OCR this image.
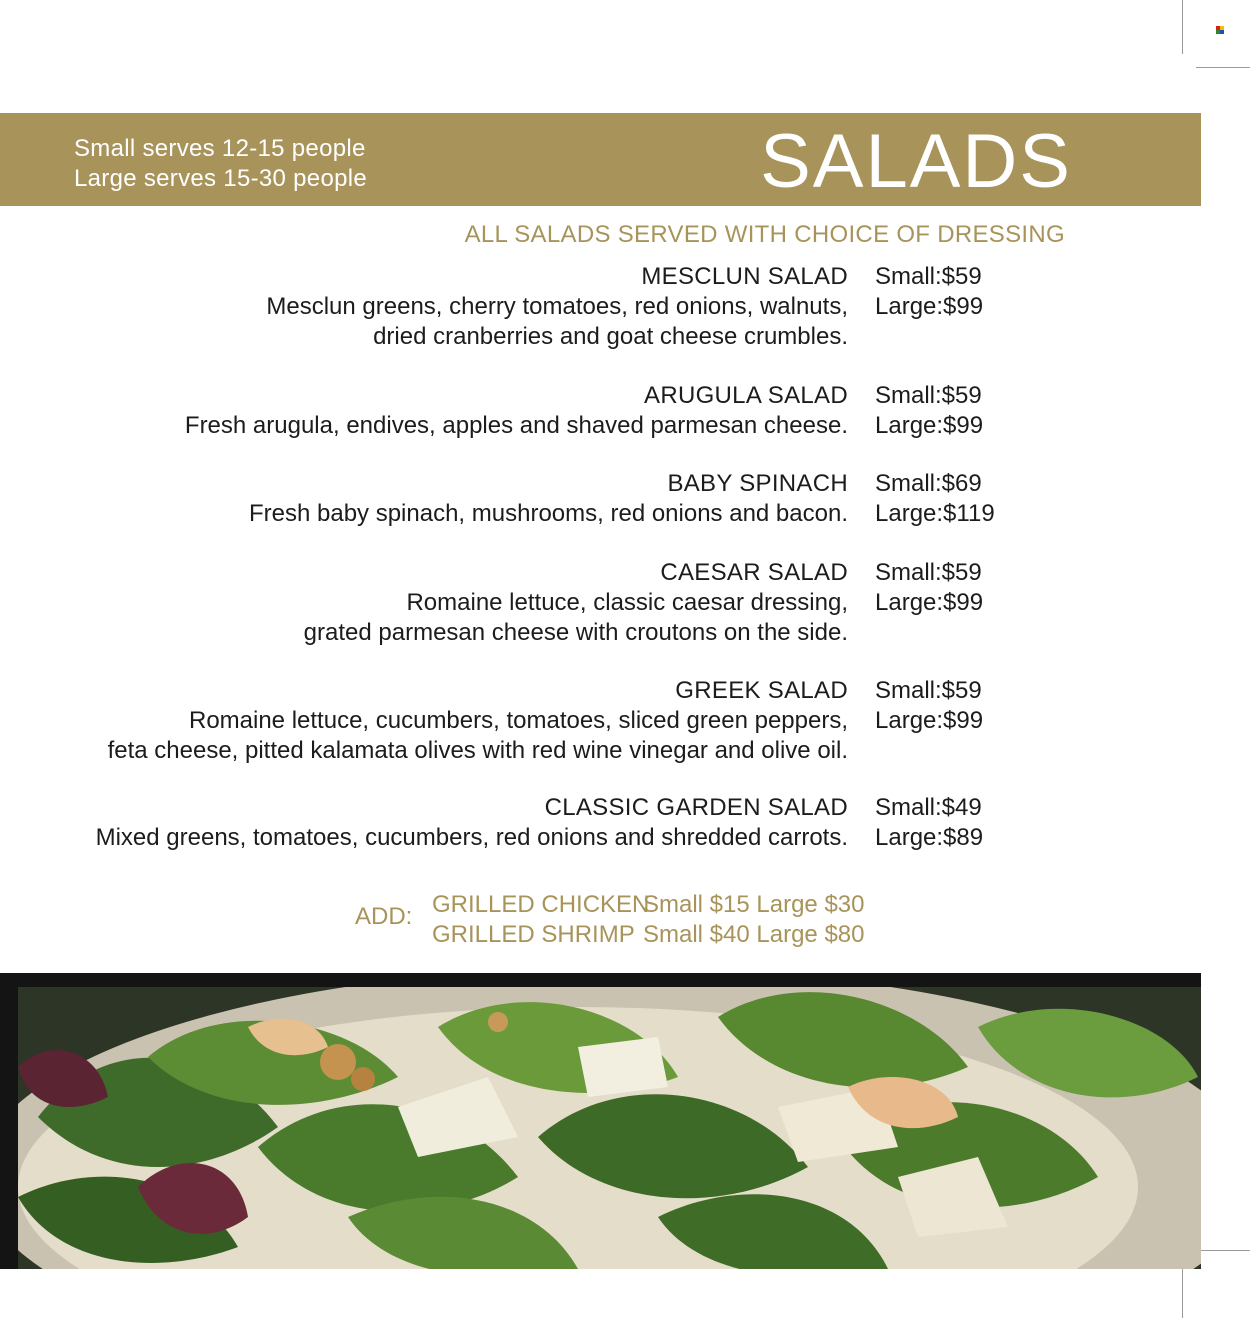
Small serves 12-15 people
Large serves 15-30 people	SALADS
ALL SALADS SERVED WITH CHOICE OF DRESSING
MESCLUN SALAD
Mesclun greens, cherry tomatoes, red onions, walnuts,
dried cranberries and goat cheese crumbles.
Small:$59
Large:$99
ARUGULA SALAD
Fresh arugula, endives, apples and shaved parmesan cheese.
Small:$59
Large:$99
BABY SPINACH
Fresh baby spinach, mushrooms, red onions and bacon.
Small:$69
Large:$119
CAESAR SALAD
Romaine lettuce, classic caesar dressing,
grated parmesan cheese with croutons on the side.
Small:$59
Large:$99
GREEK SALAD
Romaine lettuce, cucumbers, tomatoes, sliced green peppers,
feta cheese, pitted kalamata olives with red wine vinegar and olive oil.
Small:$59
Large:$99
CLASSIC GARDEN SALAD
Mixed greens, tomatoes, cucumbers, red onions and shredded carrots.
Small:$49
Large:$89
ADD: GRILLED CHICKENSmall $15 Large $30
GRILLED SHRIMP Small $40 Large $80
